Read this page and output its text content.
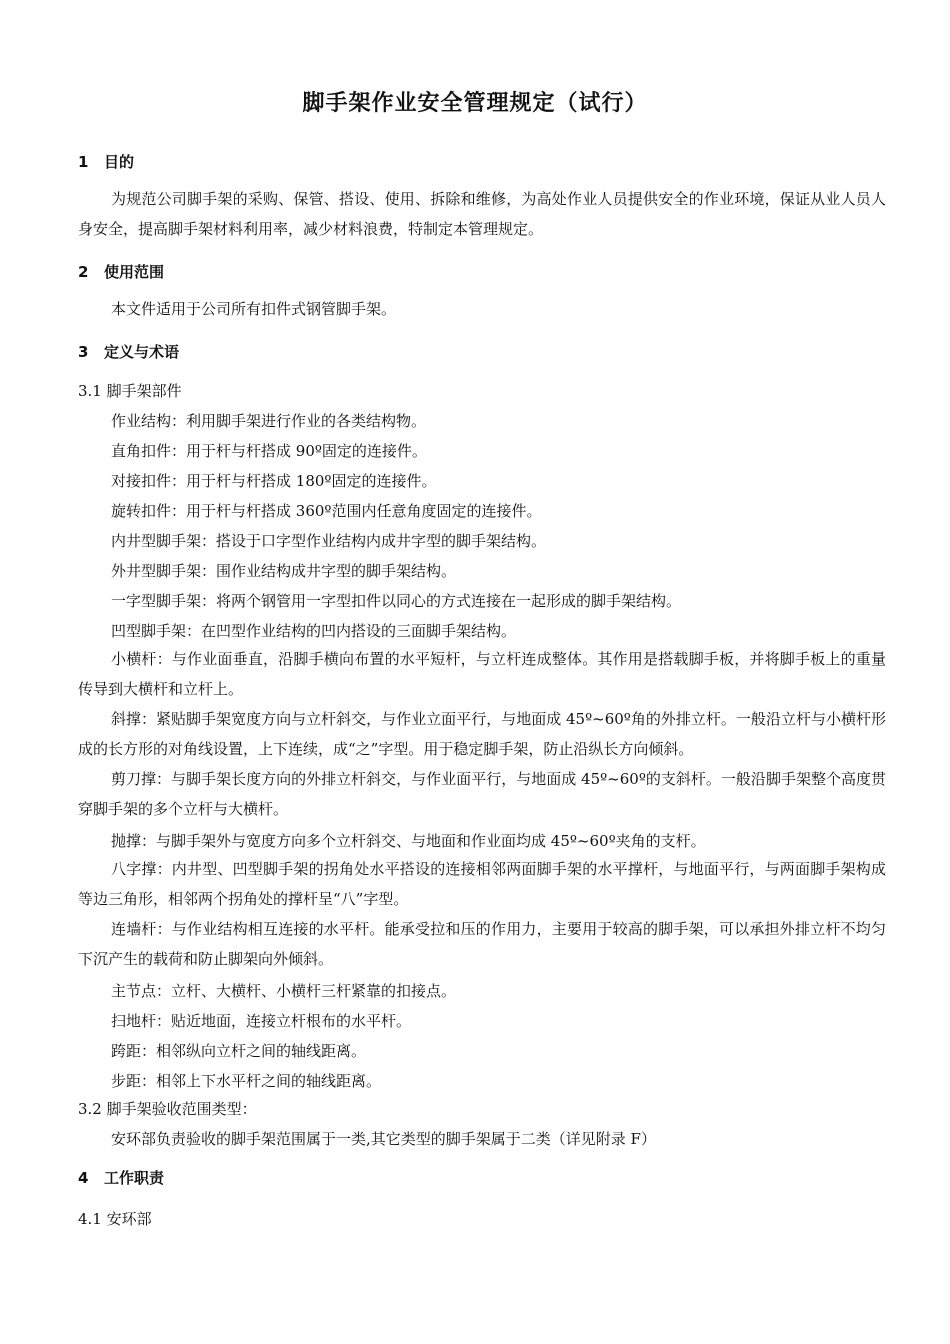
脚手架作业安全管理规定（试行）
1 目的
为规范公司脚手架的采购、保管、搭设、使用、拆除和维修，为高处作业人员提供安全的作业环境，保证从业人员人身安全，提高脚手架材料利用率，减少材料浪费，特制定本管理规定。
2 使用范围
本文件适用于公司所有扣件式钢管脚手架。
3 定义与术语
3.1 脚手架部件
作业结构：利用脚手架进行作业的各类结构物。
直角扣件：用于杆与杆搭成 90º固定的连接件。
对接扣件：用于杆与杆搭成 180º固定的连接件。
旋转扣件：用于杆与杆搭成 360º范围内任意角度固定的连接件。
内井型脚手架：搭设于口字型作业结构内成井字型的脚手架结构。
外井型脚手架：围作业结构成井字型的脚手架结构。
一字型脚手架：将两个钢管用一字型扣件以同心的方式连接在一起形成的脚手架结构。
凹型脚手架：在凹型作业结构的凹内搭设的三面脚手架结构。
小横杆：与作业面垂直，沿脚手横向布置的水平短杆，与立杆连成整体。其作用是搭载脚手板，并将脚手板上的重量传导到大横杆和立杆上。
斜撑：紧贴脚手架宽度方向与立杆斜交，与作业立面平行，与地面成 45º~60º角的外排立杆。一般沿立杆与小横杆形成的长方形的对角线设置，上下连续，成“之”字型。用于稳定脚手架，防止沿纵长方向倾斜。
剪刀撑：与脚手架长度方向的外排立杆斜交，与作业面平行，与地面成 45º~60º的支斜杆。一般沿脚手架整个高度贯穿脚手架的多个立杆与大横杆。
抛撑：与脚手架外与宽度方向多个立杆斜交、与地面和作业面均成 45º~60º夹角的支杆。
八字撑：内井型、凹型脚手架的拐角处水平搭设的连接相邻两面脚手架的水平撑杆，与地面平行，与两面脚手架构成等边三角形，相邻两个拐角处的撑杆呈“八”字型。
连墙杆：与作业结构相互连接的水平杆。能承受拉和压的作用力，主要用于较高的脚手架，可以承担外排立杆不均匀下沉产生的载荷和防止脚架向外倾斜。
主节点：立杆、大横杆、小横杆三杆紧靠的扣接点。
扫地杆：贴近地面，连接立杆根布的水平杆。
跨距：相邻纵向立杆之间的轴线距离。
步距：相邻上下水平杆之间的轴线距离。
3.2 脚手架验收范围类型：
安环部负责验收的脚手架范围属于一类,其它类型的脚手架属于二类（详见附录 F）
4 工作职责
4.1 安环部
